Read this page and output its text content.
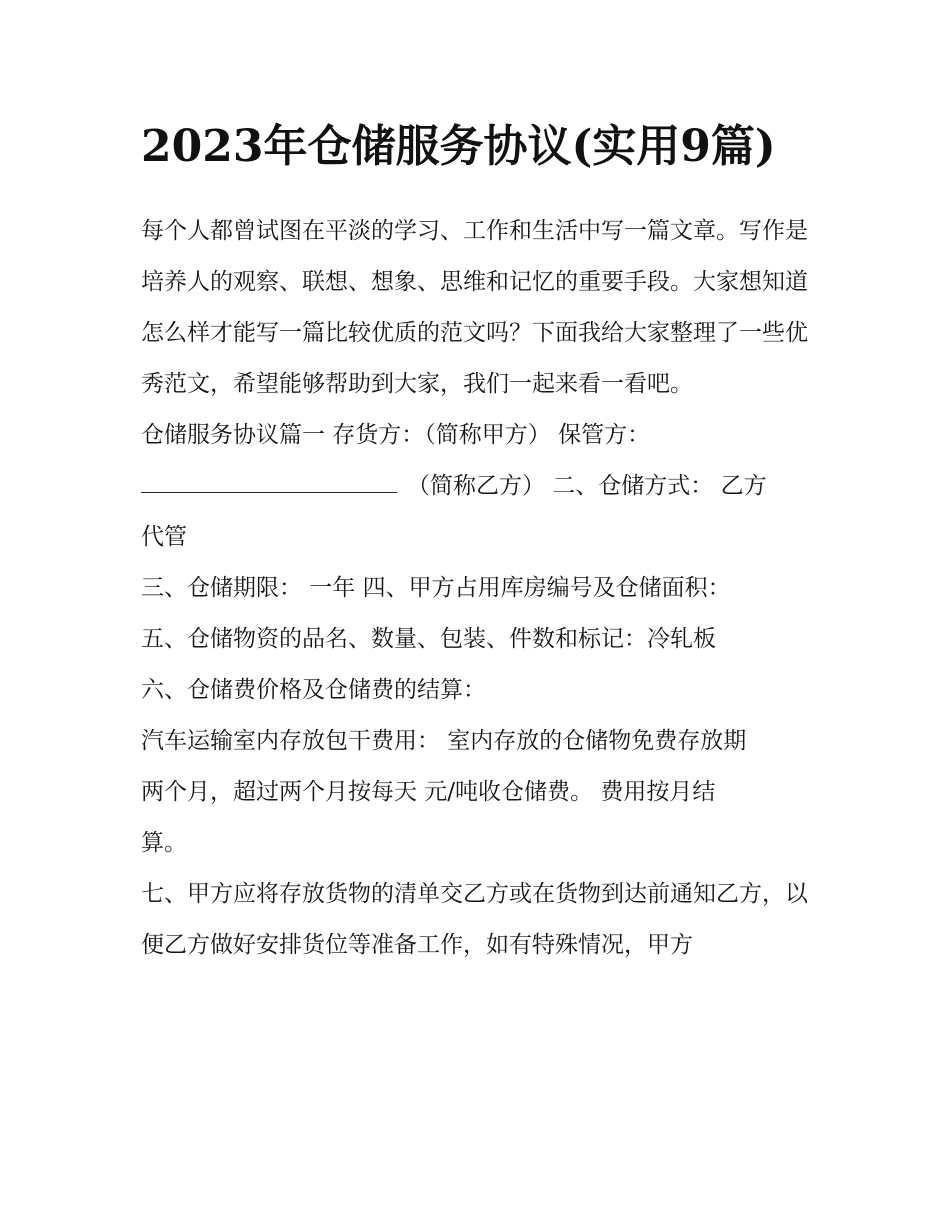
2023年仓储服务协议(实用9篇)

每个人都曾试图在平淡的学习、工作和生活中写一篇文章。写作是培养人的观察、联想、想象、思维和记忆的重要手段。大家想知道怎么样才能写一篇比较优质的范文吗？下面我给大家整理了一些优秀范文，希望能够帮助到大家，我们一起来看一看吧。

仓储服务协议篇一 存货方：（简称甲方） 保管方：

（简称乙方） 二、仓储方式： 乙方

代管

三、仓储期限： 一年 四、甲方占用库房编号及仓储面积：

五、仓储物资的品名、数量、包装、件数和标记：冷轧板

六、仓储费价格及仓储费的结算：

汽车运输室内存放包干费用： 室内存放的仓储物免费存放期

两个月，超过两个月按每天 元/吨收仓储费。 费用按月结

算。

七、甲方应将存放货物的清单交乙方或在货物到达前通知乙方，以便乙方做好安排货位等准备工作，如有特殊情况，甲方
